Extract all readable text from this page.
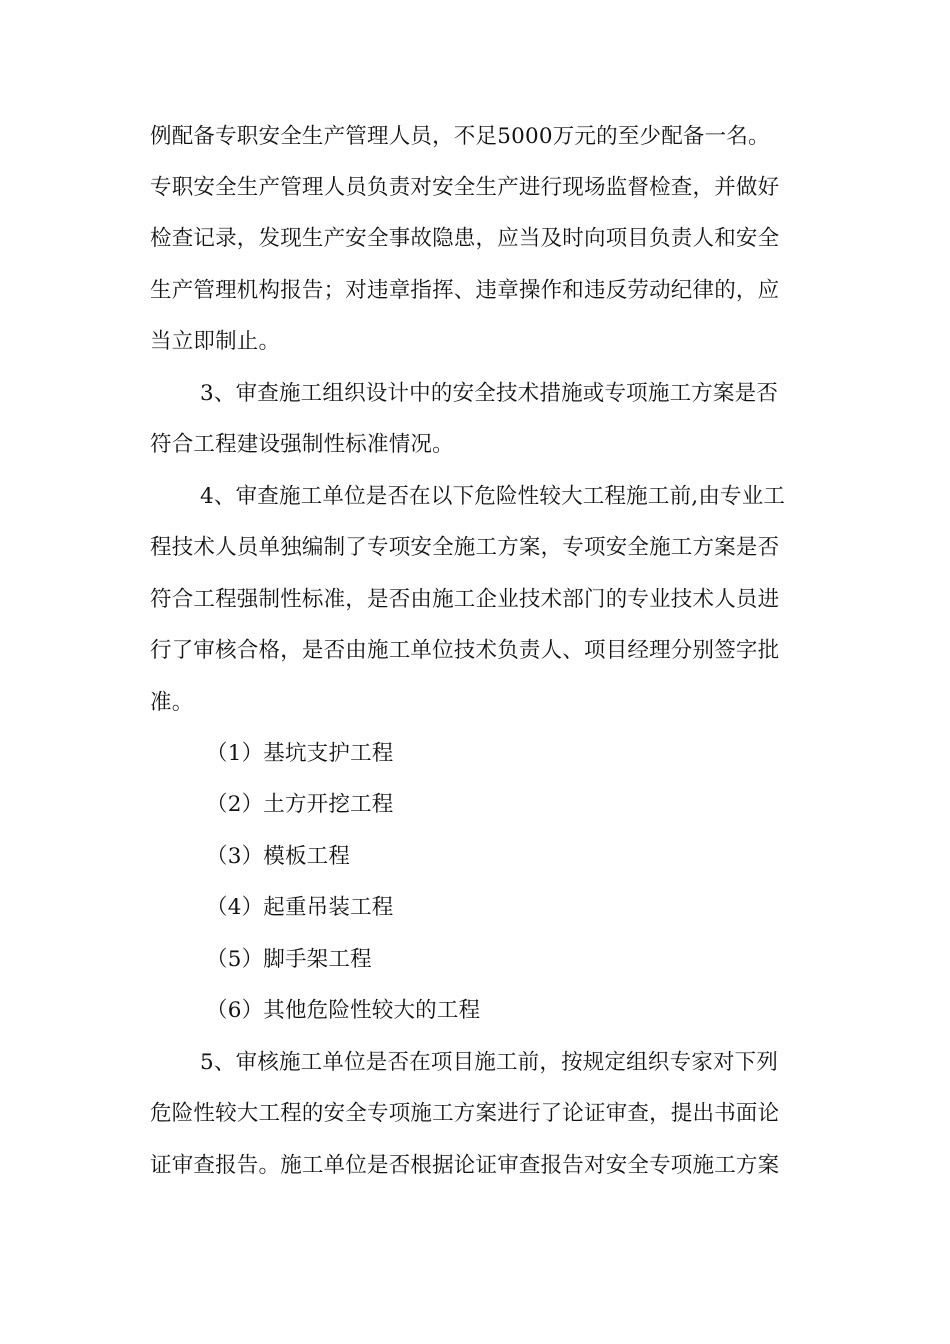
例配备专职安全生产管理人员，不足5000万元的至少配备一名。
专职安全生产管理人员负责对安全生产进行现场监督检查，并做好
检查记录，发现生产安全事故隐患，应当及时向项目负责人和安全
生产管理机构报告；对违章指挥、违章操作和违反劳动纪律的，应
当立即制止。
3、审查施工组织设计中的安全技术措施或专项施工方案是否
符合工程建设强制性标准情况。
4、审查施工单位是否在以下危险性较大工程施工前,由专业工
程技术人员单独编制了专项安全施工方案，专项安全施工方案是否
符合工程强制性标准，是否由施工企业技术部门的专业技术人员进
行了审核合格，是否由施工单位技术负责人、项目经理分别签字批
准。
（1）基坑支护工程
（2）土方开挖工程
（3）模板工程
（4）起重吊装工程
（5）脚手架工程
（6）其他危险性较大的工程
5、审核施工单位是否在项目施工前，按规定组织专家对下列
危险性较大工程的安全专项施工方案进行了论证审查，提出书面论
证审查报告。施工单位是否根据论证审查报告对安全专项施工方案
